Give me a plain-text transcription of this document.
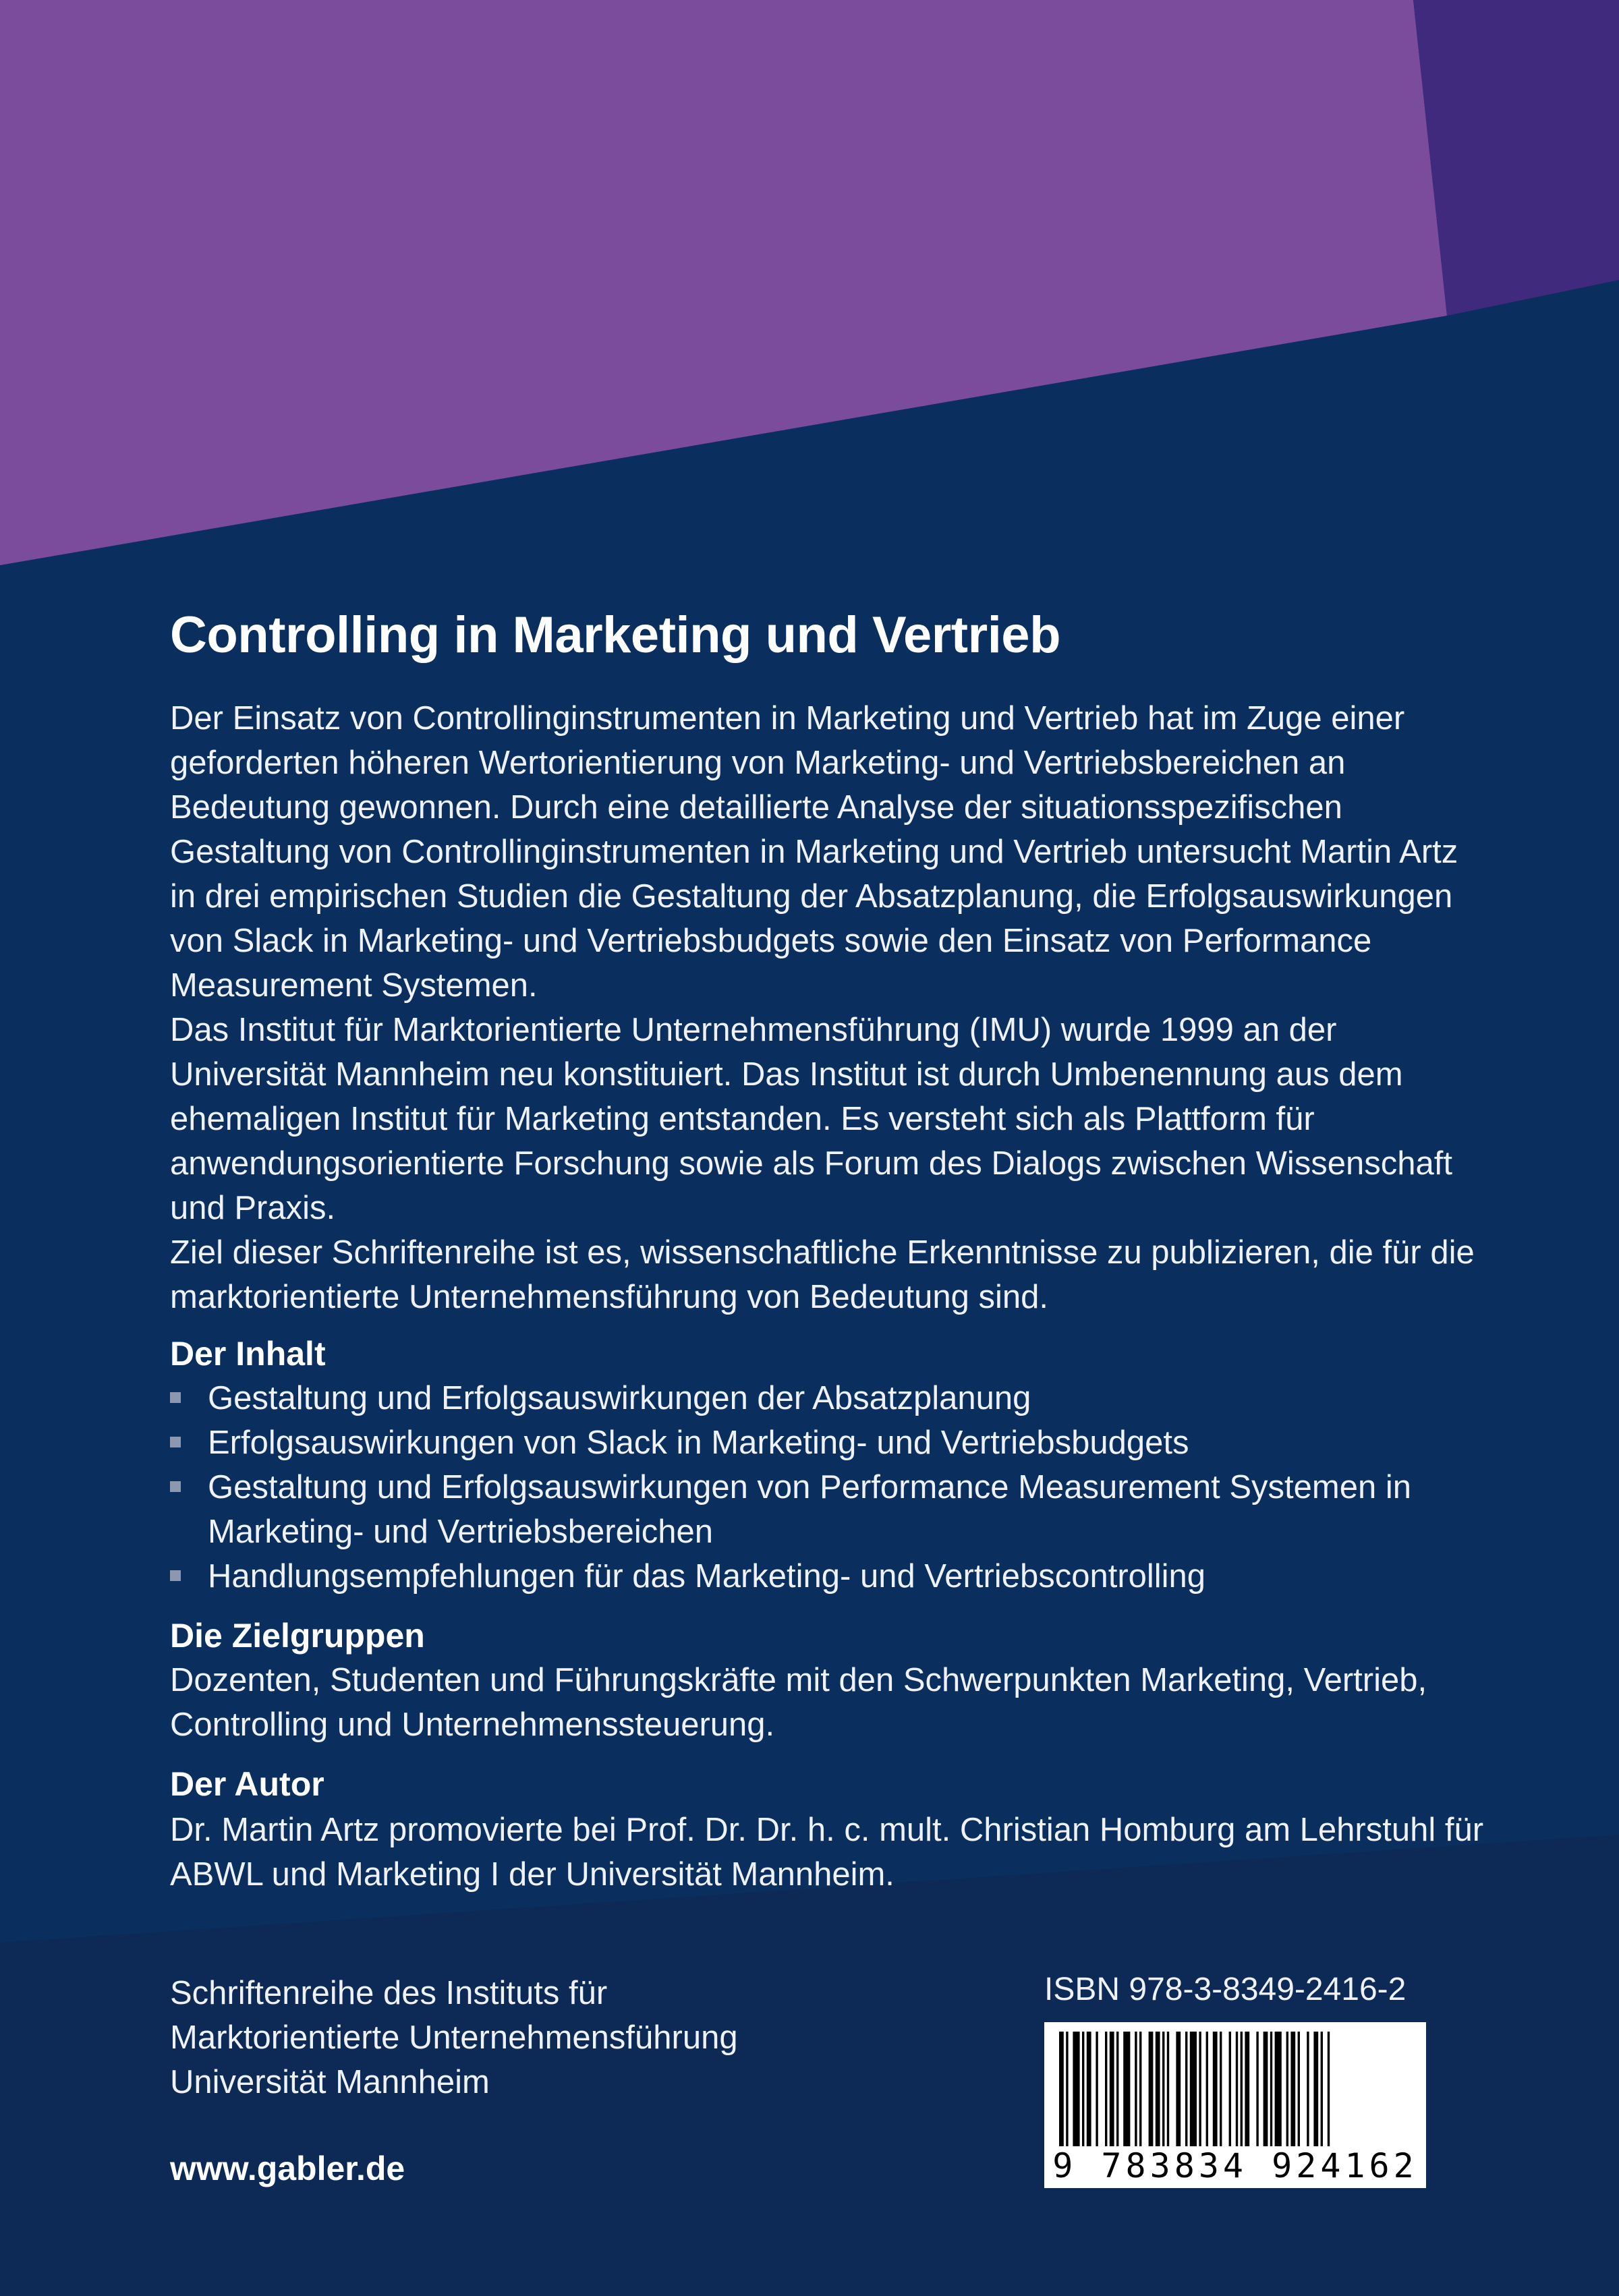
Controlling in Marketing und Vertrieb

Der Einsatz von Controllinginstrumenten in Marketing und Vertrieb hat im Zuge einer geforderten höheren Wertorientierung von Marketing- und Vertriebsbereichen an Bedeutung gewonnen. Durch eine detaillierte Analyse der situationsspezifischen Gestaltung von Controllinginstrumenten in Marketing und Vertrieb untersucht Martin Artz in drei empirischen Studien die Gestaltung der Absatzplanung, die Erfolgsauswirkungen von Slack in Marketing- und Vertriebsbudgets sowie den Einsatz von Performance Measurement Systemen.

Das Institut für Marktorientierte Unternehmensführung (IMU) wurde 1999 an der Universität Mannheim neu konstituiert. Das Institut ist durch Umbenennung aus dem ehemaligen Institut für Marketing entstanden. Es versteht sich als Plattform für anwendungsorientierte Forschung sowie als Forum des Dialogs zwischen Wissenschaft und Praxis.

Ziel dieser Schriftenreihe ist es, wissenschaftliche Erkenntnisse zu publizieren, die für die marktorientierte Unternehmensführung von Bedeutung sind.

Der Inhalt
Gestaltung und Erfolgsauswirkungen der Absatzplanung
Erfolgsauswirkungen von Slack in Marketing- und Vertriebsbudgets
Gestaltung und Erfolgsauswirkungen von Performance Measurement Systemen in Marketing- und Vertriebsbereichen
Handlungsempfehlungen für das Marketing- und Vertriebscontrolling
Die Zielgruppen

Dozenten, Studenten und Führungskräfte mit den Schwerpunkten Marketing, Vertrieb, Controlling und Unternehmenssteuerung.

Der Autor

Dr. Martin Artz promovierte bei Prof. Dr. Dr. h. c. mult. Christian Homburg am Lehrstuhl für ABWL und Marketing I der Universität Mannheim.

Schriftenreihe des Instituts für
Marktorientierte Unternehmensführung
Universität Mannheim
www.gabler.de
ISBN 978-3-8349-2416-2
9 783834 924162
